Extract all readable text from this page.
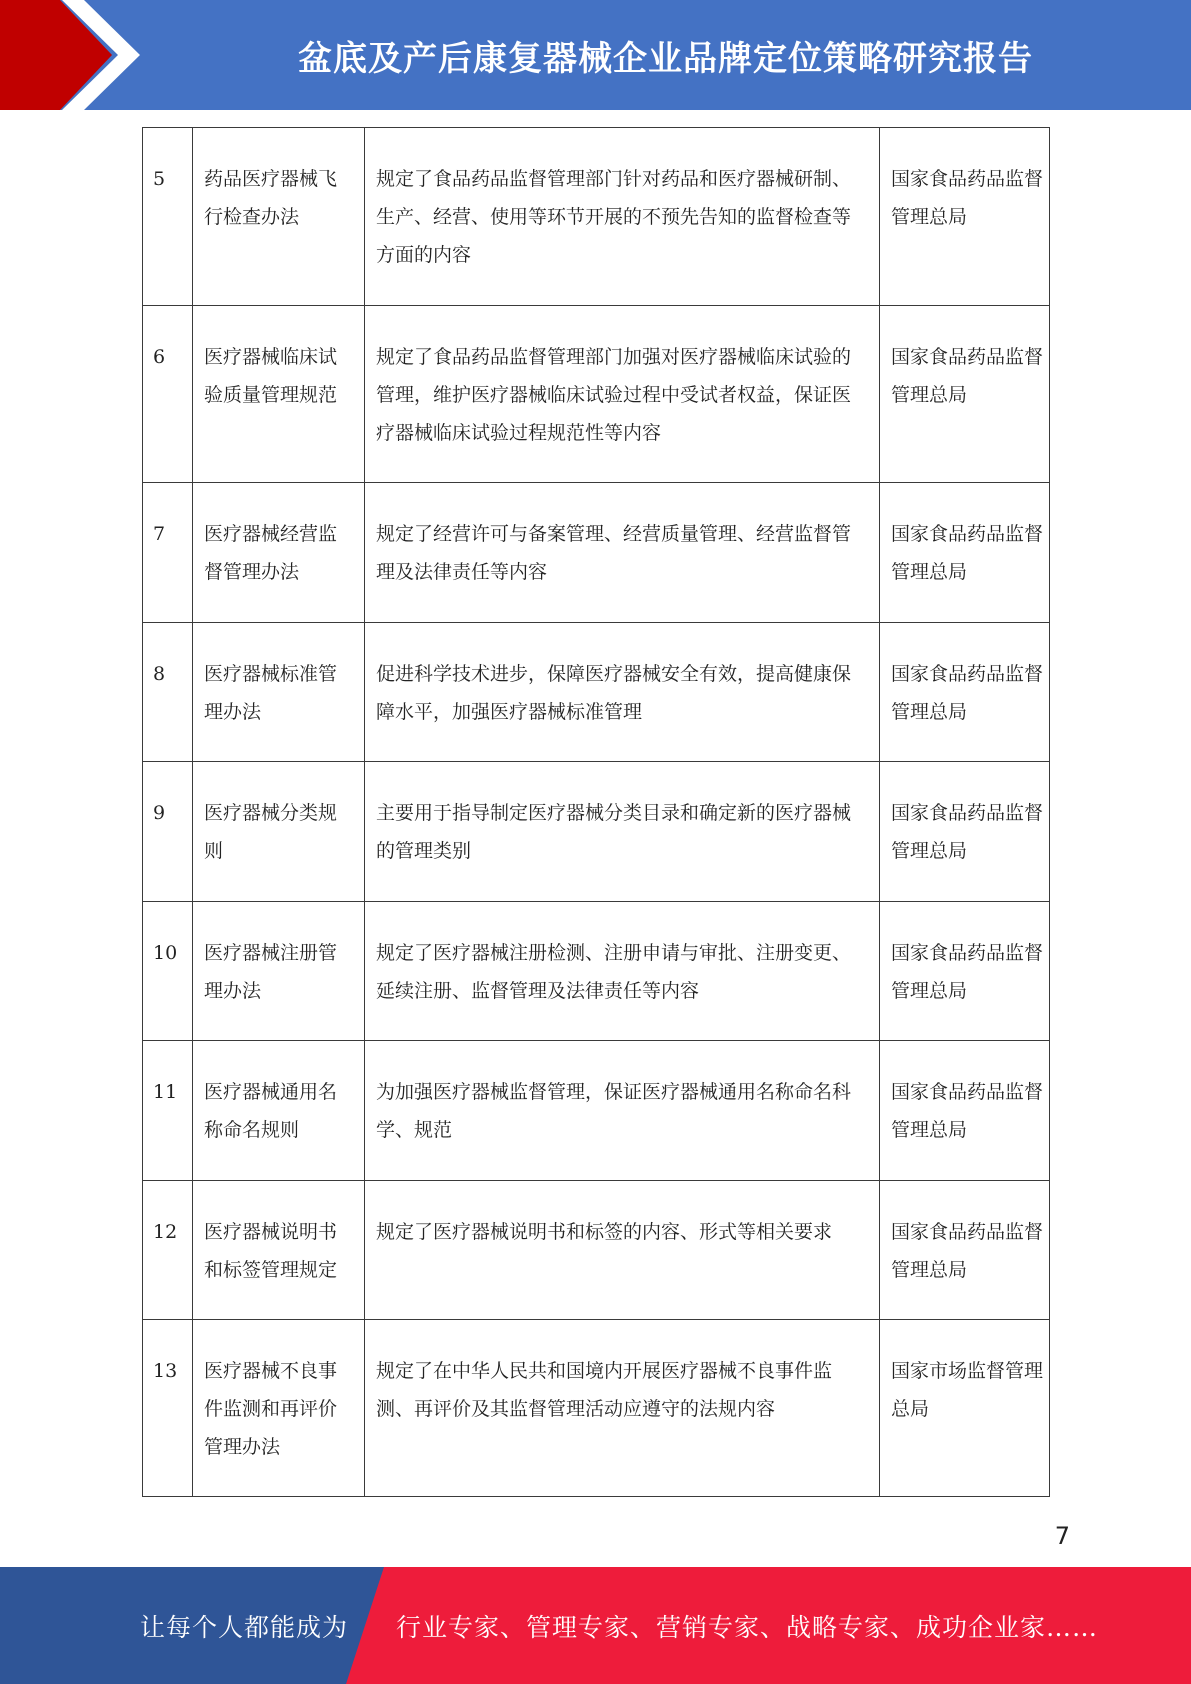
盆底及产后康复器械企业品牌定位策略研究报告
5	药品医疗器械飞行检查办法	规定了食品药品监督管理部门针对药品和医疗器械研制、生产、经营、使用等环节开展的不预先告知的监督检查等方面的内容	国家食品药品监督管理总局
6	医疗器械临床试验质量管理规范	规定了食品药品监督管理部门加强对医疗器械临床试验的管理，维护医疗器械临床试验过程中受试者权益，保证医疗器械临床试验过程规范性等内容	国家食品药品监督管理总局
7	医疗器械经营监督管理办法	规定了经营许可与备案管理、经营质量管理、经营监督管理及法律责任等内容	国家食品药品监督管理总局
8	医疗器械标准管理办法	促进科学技术进步，保障医疗器械安全有效，提高健康保障水平，加强医疗器械标准管理	国家食品药品监督管理总局
9	医疗器械分类规则	主要用于指导制定医疗器械分类目录和确定新的医疗器械的管理类别	国家食品药品监督管理总局
10	医疗器械注册管理办法	规定了医疗器械注册检测、注册申请与审批、注册变更、延续注册、监督管理及法律责任等内容	国家食品药品监督管理总局
11	医疗器械通用名称命名规则	为加强医疗器械监督管理，保证医疗器械通用名称命名科学、规范	国家食品药品监督管理总局
12	医疗器械说明书和标签管理规定	规定了医疗器械说明书和标签的内容、形式等相关要求	国家食品药品监督管理总局
13	医疗器械不良事件监测和再评价管理办法	规定了在中华人民共和国境内开展医疗器械不良事件监测、再评价及其监督管理活动应遵守的法规内容	国家市场监督管理总局
7
让每个人都能成为 行业专家、管理专家、营销专家、战略专家、成功企业家……
